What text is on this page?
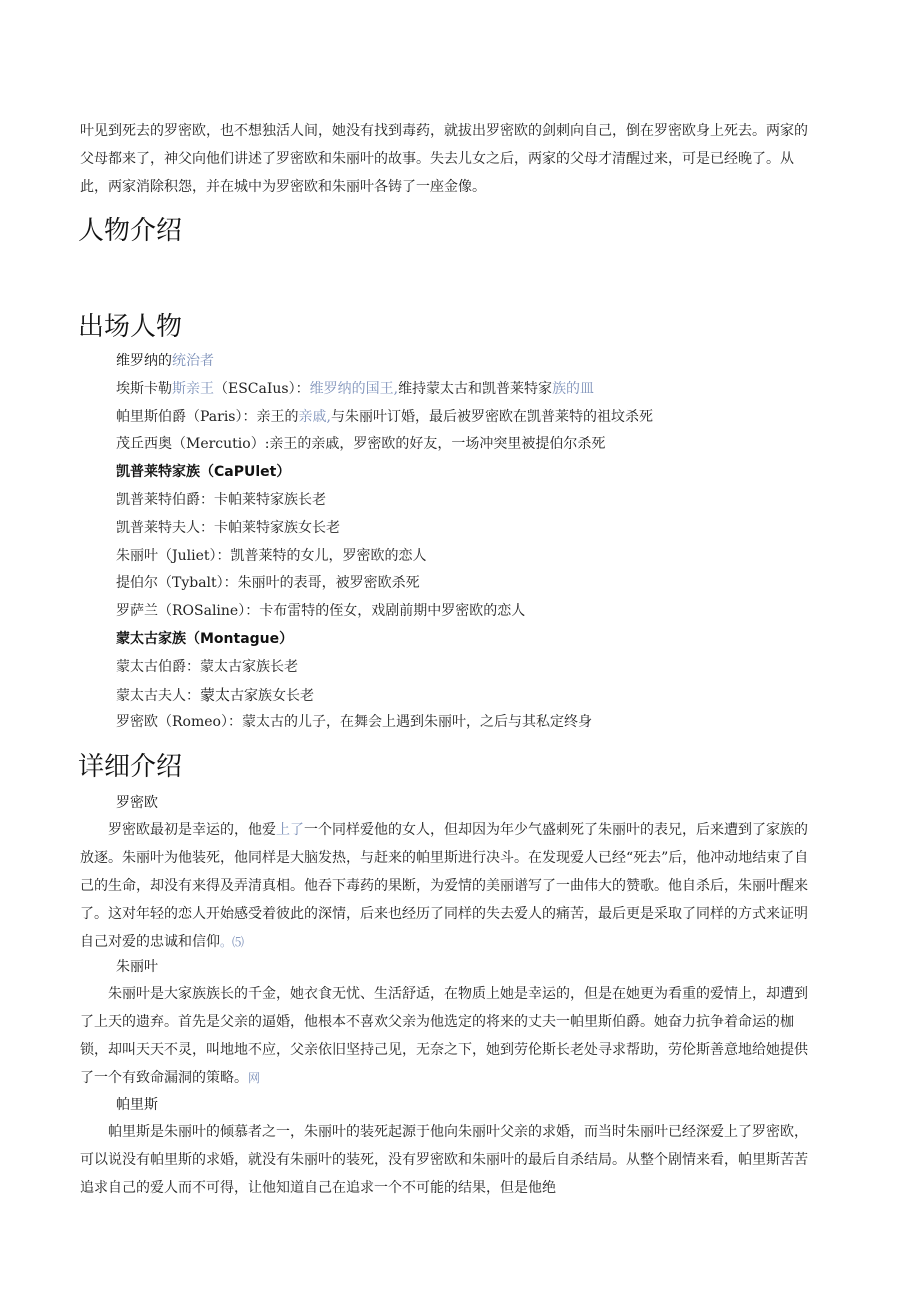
叶见到死去的罗密欧，也不想独活人间，她没有找到毒药，就拔出罗密欧的剑刺向自己，倒在罗密欧身上死去。两家的父母都来了，神父向他们讲述了罗密欧和朱丽叶的故事。失去儿女之后，两家的父母才清醒过来，可是已经晚了。从此，两家消除积怨，并在城中为罗密欧和朱丽叶各铸了一座金像。

人物介绍
出场人物
维罗纳的统治者
埃斯卡勒斯亲王（ESCaIus）：维罗纳的国王,维持蒙太古和凯普莱特家族的皿
帕里斯伯爵（Paris）：亲王的亲戚,与朱丽叶订婚，最后被罗密欧在凯普莱特的祖坟杀死
茂丘西奥（Mercutio）:亲王的亲戚，罗密欧的好友，一场冲突里被提伯尔杀死
凯普莱特家族（CaPUlet）
凯普莱特伯爵：卡帕莱特家族长老
凯普莱特夫人：卡帕莱特家族女长老
朱丽叶（Juliet）：凯普莱特的女儿，罗密欧的恋人
提伯尔（Tybalt）：朱丽叶的表哥，被罗密欧杀死
罗萨兰（ROSaline）：卡布雷特的侄女，戏剧前期中罗密欧的恋人
蒙太古家族（Montague）
蒙太古伯爵：蒙太古家族长老
蒙太古夫人：蒙太古家族女长老
罗密欧（Romeo）：蒙太古的儿子，在舞会上遇到朱丽叶，之后与其私定终身
详细介绍

罗密欧

罗密欧最初是幸运的，他爱上了一个同样爱他的女人，但却因为年少气盛刺死了朱丽叶的表兄，后来遭到了家族的放逐。朱丽叶为他装死，他同样是大脑发热，与赶来的帕里斯进行决斗。在发现爱人已经“死去”后，他冲动地结束了自己的生命，却没有来得及弄清真相。他吞下毒药的果断，为爱情的美丽谱写了一曲伟大的赞歌。他自杀后，朱丽叶醒来了。这对年轻的恋人开始感受着彼此的深情，后来也经历了同样的失去爱人的痛苦，最后更是采取了同样的方式来证明自己对爱的忠诚和信仰。⑸

朱丽叶

朱丽叶是大家族族长的千金，她衣食无忧、生活舒适，在物质上她是幸运的，但是在她更为看重的爱情上，却遭到了上天的遗弃。首先是父亲的逼婚，他根本不喜欢父亲为他选定的将来的丈夫一帕里斯伯爵。她奋力抗争着命运的枷锁，却叫天天不灵，叫地地不应，父亲依旧坚持己见，无奈之下，她到劳伦斯长老处寻求帮助，劳伦斯善意地给她提供了一个有致命漏洞的策略。网

帕里斯

帕里斯是朱丽叶的倾慕者之一，朱丽叶的装死起源于他向朱丽叶父亲的求婚，而当时朱丽叶已经深爱上了罗密欧，可以说没有帕里斯的求婚，就没有朱丽叶的装死，没有罗密欧和朱丽叶的最后自杀结局。从整个剧情来看，帕里斯苦苦追求自己的爱人而不可得，让他知道自己在追求一个不可能的结果，但是他绝
